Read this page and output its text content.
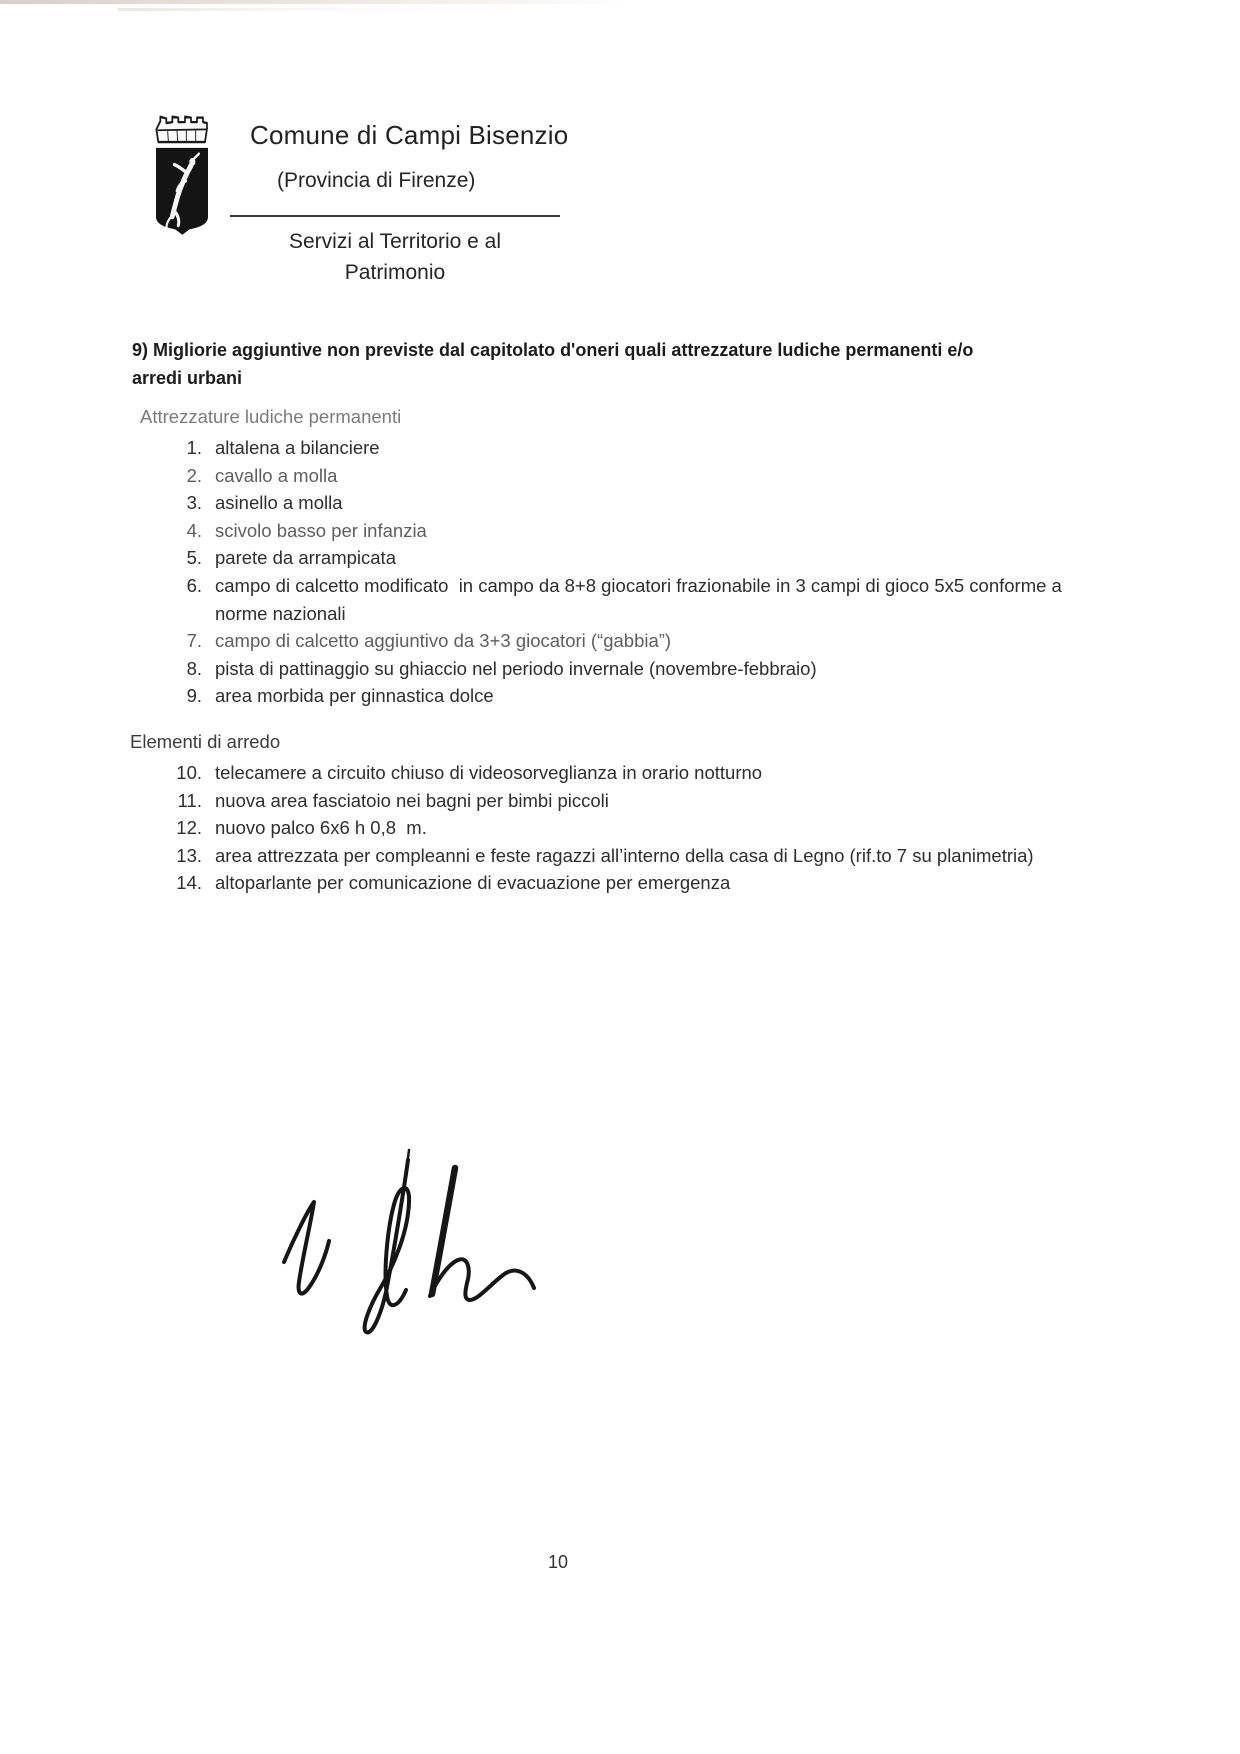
Comune di Campi Bisenzio
(Provincia di Firenze)
Servizi al Territorio e al
Patrimonio
9) Migliorie aggiuntive non previste dal capitolato d'oneri quali attrezzature ludiche permanenti e/o
arredi urbani
Attrezzature ludiche permanenti
1. altalena a bilanciere
2. cavallo a molla
3. asinello a molla
4. scivolo basso per infanzia
5. parete da arrampicata
6. campo di calcetto modificato  in campo da 8+8 giocatori frazionabile in 3 campi di gioco 5x5 conforme a norme nazionali
7. campo di calcetto aggiuntivo da 3+3 giocatori (“gabbia”)
8. pista di pattinaggio su ghiaccio nel periodo invernale (novembre-febbraio)
9. area morbida per ginnastica dolce
Elementi di arredo
10. telecamere a circuito chiuso di videosorveglianza in orario notturno
11. nuova area fasciatoio nei bagni per bimbi piccoli
12. nuovo palco 6x6 h 0,8  m.
13. area attrezzata per compleanni e feste ragazzi all’interno della casa di Legno (rif.to 7 su planimetria)
14. altoparlante per comunicazione di evacuazione per emergenza
10
